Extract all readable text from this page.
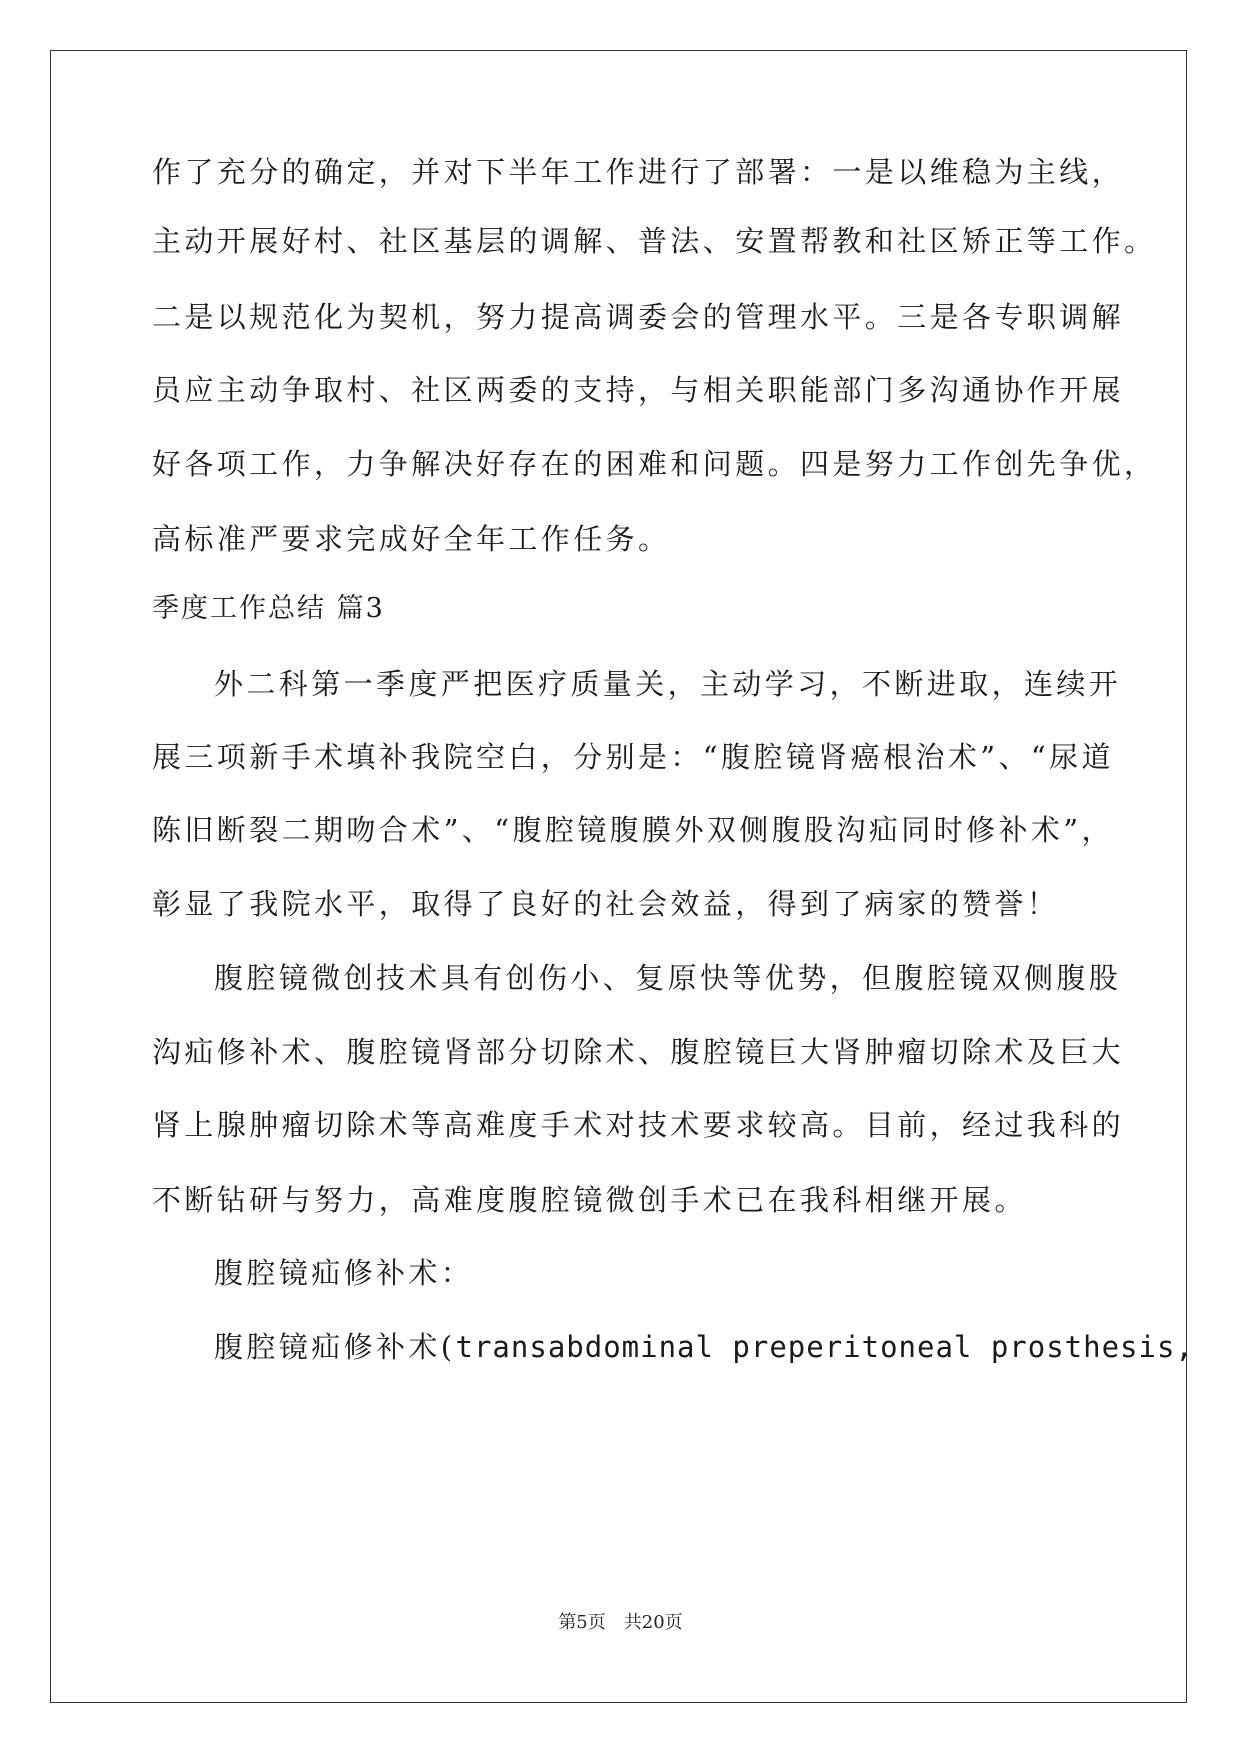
作了充分的确定，并对下半年工作进行了部署：一是以维稳为主线，
主动开展好村、社区基层的调解、普法、安置帮教和社区矫正等工作。
二是以规范化为契机，努力提高调委会的管理水平。三是各专职调解
员应主动争取村、社区两委的支持，与相关职能部门多沟通协作开展
好各项工作，力争解决好存在的困难和问题。四是努力工作创先争优，
高标准严要求完成好全年工作任务。
季度工作总结 篇3
外二科第一季度严把医疗质量关，主动学习，不断进取，连续开
展三项新手术填补我院空白，分别是：“腹腔镜肾癌根治术”、“尿道
陈旧断裂二期吻合术”、“腹腔镜腹膜外双侧腹股沟疝同时修补术”，
彰显了我院水平，取得了良好的社会效益，得到了病家的赞誉！
腹腔镜微创技术具有创伤小、复原快等优势，但腹腔镜双侧腹股
沟疝修补术、腹腔镜肾部分切除术、腹腔镜巨大肾肿瘤切除术及巨大
肾上腺肿瘤切除术等高难度手术对技术要求较高。目前，经过我科的
不断钻研与努力，高难度腹腔镜微创手术已在我科相继开展。
腹腔镜疝修补术：
腹腔镜疝修补术(transabdominal preperitoneal prosthesis,
第5页　共20页
